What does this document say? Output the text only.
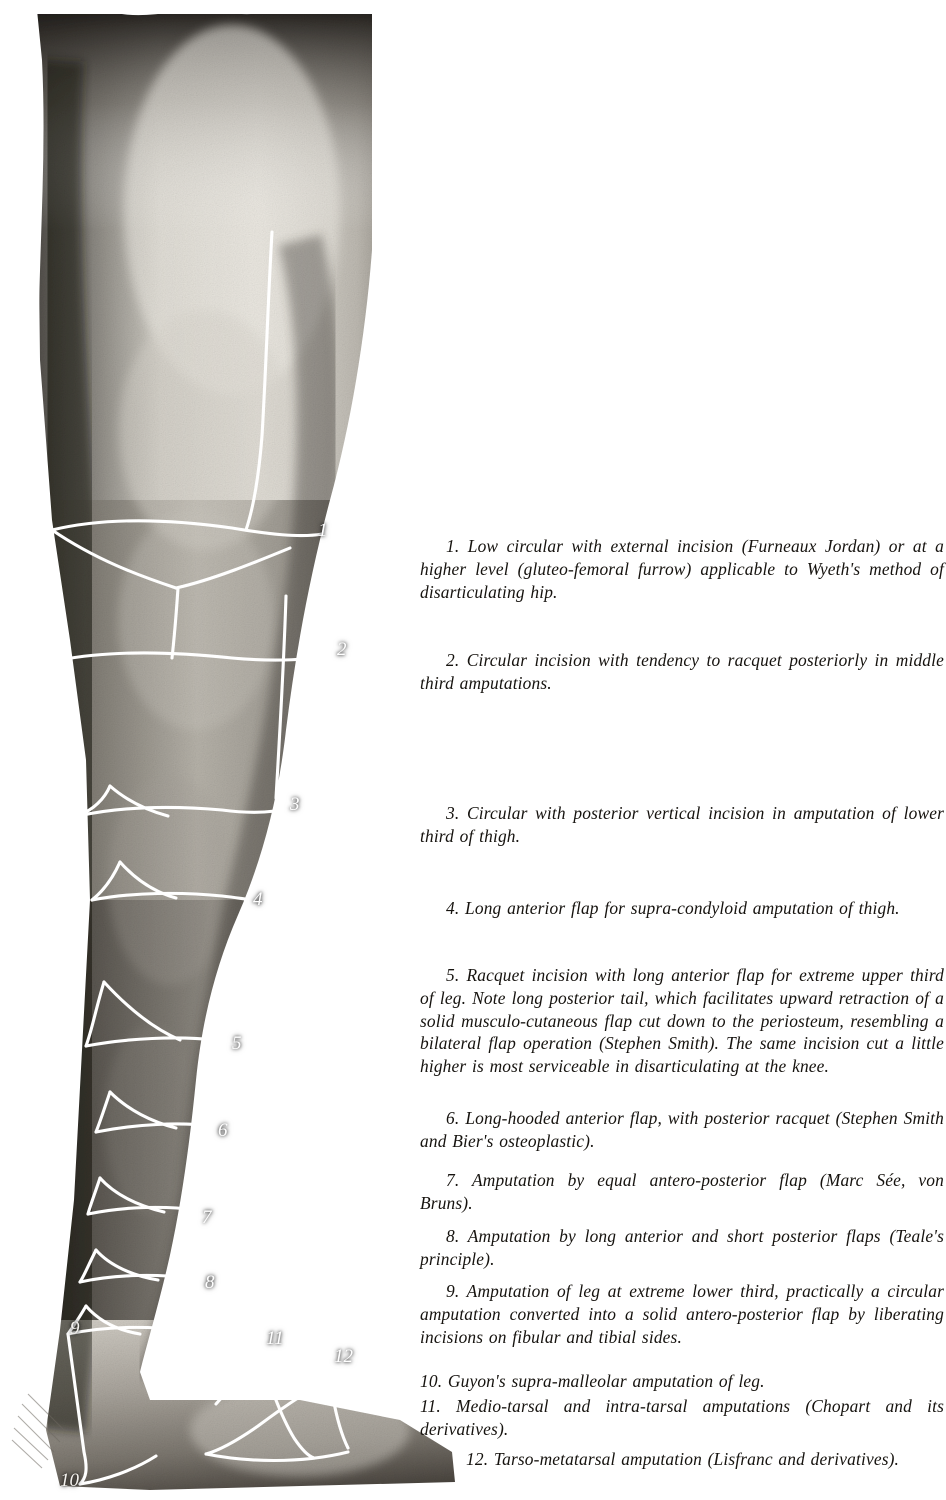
1
2
3
4
5
6
7
8
9
10
11
12

1. Low circular with external incision (Furneaux Jordan) or at a higher level (gluteo-femoral furrow) applicable to Wyeth's method of disarticulating hip.

2. Circular incision with tendency to racquet posteriorly in middle third amputations.

3. Circular with posterior vertical incision in amputation of lower third of thigh.

4. Long anterior flap for supra-condyloid amputation of thigh.

5. Racquet incision with long anterior flap for extreme upper third of leg. Note long posterior tail, which facilitates upward retraction of a solid musculo-cutaneous flap cut down to the periosteum, resembling a bilateral flap operation (Stephen Smith). The same incision cut a little higher is most serviceable in disarticulating at the knee.

6. Long-hooded anterior flap, with posterior racquet (Stephen Smith and Bier's osteoplastic).

7. Amputation by equal antero-posterior flap (Marc Sée, von Bruns).

8. Amputation by long anterior and short posterior flaps (Teale's principle).

9. Amputation of leg at extreme lower third, practically a circular amputation converted into a solid antero-posterior flap by liberating incisions on fibular and tibial sides.

10. Guyon's supra-malleolar amputation of leg.

11. Medio-tarsal and intra-tarsal amputations (Chopart and its derivatives).

12. Tarso-metatarsal amputation (Lisfranc and derivatives).
